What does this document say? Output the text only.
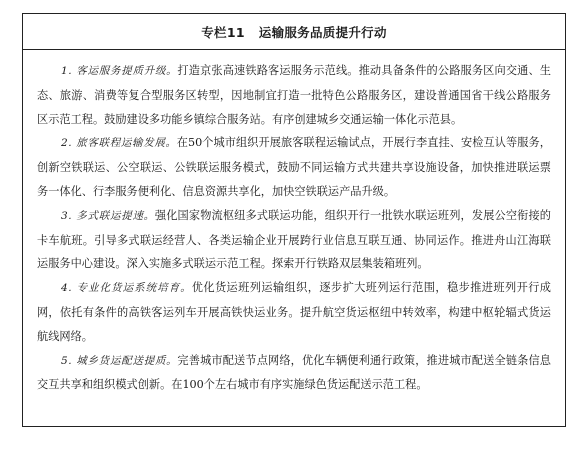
专栏11   运输服务品质提升行动

1. 客运服务提质升级。打造京张高速铁路客运服务示范线。推动具备条件的公路服务区向交通、生态、旅游、消费等复合型服务区转型，因地制宜打造一批特色公路服务区，建设普通国省干线公路服务区示范工程。鼓励建设多功能乡镇综合服务站。有序创建城乡交通运输一体化示范县。

2. 旅客联程运输发展。在50个城市组织开展旅客联程运输试点，开展行李直挂、安检互认等服务，创新空铁联运、公空联运、公铁联运服务模式，鼓励不同运输方式共建共享设施设备，加快推进联运票务一体化、行李服务便利化、信息资源共享化，加快空铁联运产品升级。

3. 多式联运提速。强化国家物流枢纽多式联运功能，组织开行一批铁水联运班列，发展公空衔接的卡车航班。引导多式联运经营人、各类运输企业开展跨行业信息互联互通、协同运作。推进舟山江海联运服务中心建设。深入实施多式联运示范工程。探索开行铁路双层集装箱班列。

4. 专业化货运系统培育。优化货运班列运输组织，逐步扩大班列运行范围，稳步推进班列开行成网，依托有条件的高铁客运列车开展高铁快运业务。提升航空货运枢纽中转效率，构建中枢轮辐式货运航线网络。

5. 城乡货运配送提质。完善城市配送节点网络，优化车辆便利通行政策，推进城市配送全链条信息交互共享和组织模式创新。在100个左右城市有序实施绿色货运配送示范工程。
